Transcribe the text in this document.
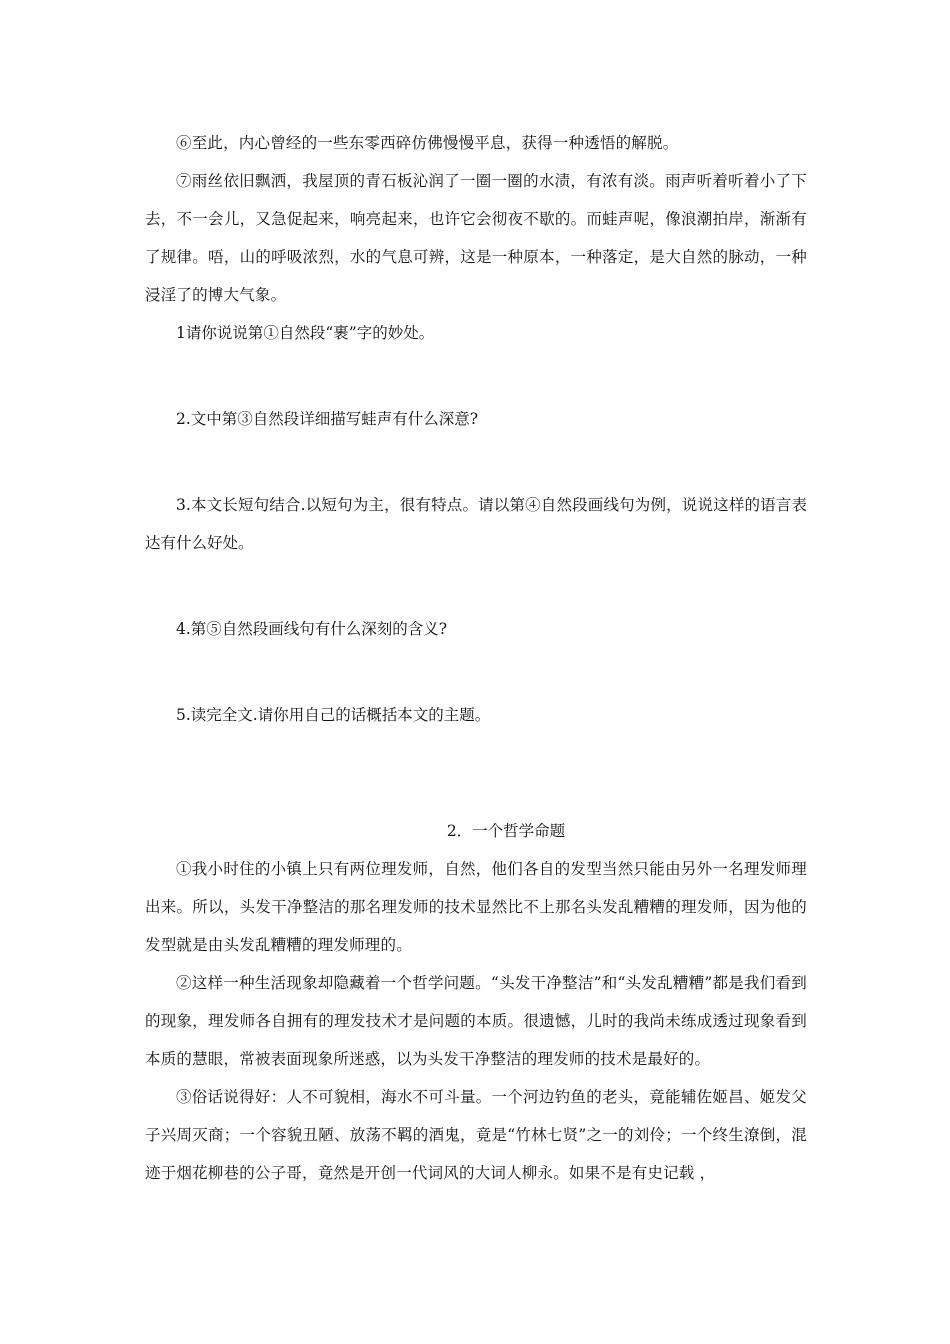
⑥至此，内心曾经的一些东零西碎仿佛慢慢平息，获得一种透悟的解脱。

⑦雨丝依旧飘洒，我屋顶的青石板沁润了一圈一圈的水渍，有浓有淡。雨声听着听着小了下去，不一会儿，又急促起来，响亮起来，也许它会彻夜不歇的。而蛙声呢，像浪潮拍岸，渐渐有了规律。唔，山的呼吸浓烈，水的气息可辨，这是一种原本，一种落定，是大自然的脉动，一种浸淫了的博大气象。

1请你说说第①自然段“裹”字的妙处。

2.文中第③自然段详细描写蛙声有什么深意?

3.本文长短句结合.以短句为主，很有特点。请以第④自然段画线句为例，说说这样的语言表　达有什么好处。

4.第⑤自然段画线句有什么深刻的含义?

5.读完全文.请你用自己的话概括本文的主题。

2．一个哲学命题

①我小时住的小镇上只有两位理发师，自然，他们各自的发型当然只能由另外一名理发师理出来。所以，头发干净整洁的那名理发师的技术显然比不上那名头发乱糟糟的理发师，因为他的发型就是由头发乱糟糟的理发师理的。

②这样一种生活现象却隐藏着一个哲学问题。“头发干净整洁”和“头发乱糟糟”都是我们看到的现象，理发师各自拥有的理发技术才是问题的本质。很遗憾，儿时的我尚未练成透过现象看到本质的慧眼，常被表面现象所迷惑，以为头发干净整洁的理发师的技术是最好的。

③俗话说得好：人不可貌相，海水不可斗量。一个河边钓鱼的老头，竟能辅佐姬昌、姬发父子兴周灭商；一个容貌丑陋、放荡不羁的酒鬼，竟是“竹林七贤”之一的刘伶；一个终生潦倒，混迹于烟花柳巷的公子哥，竟然是开创一代词风的大词人柳永。如果不是有史记载 ，
